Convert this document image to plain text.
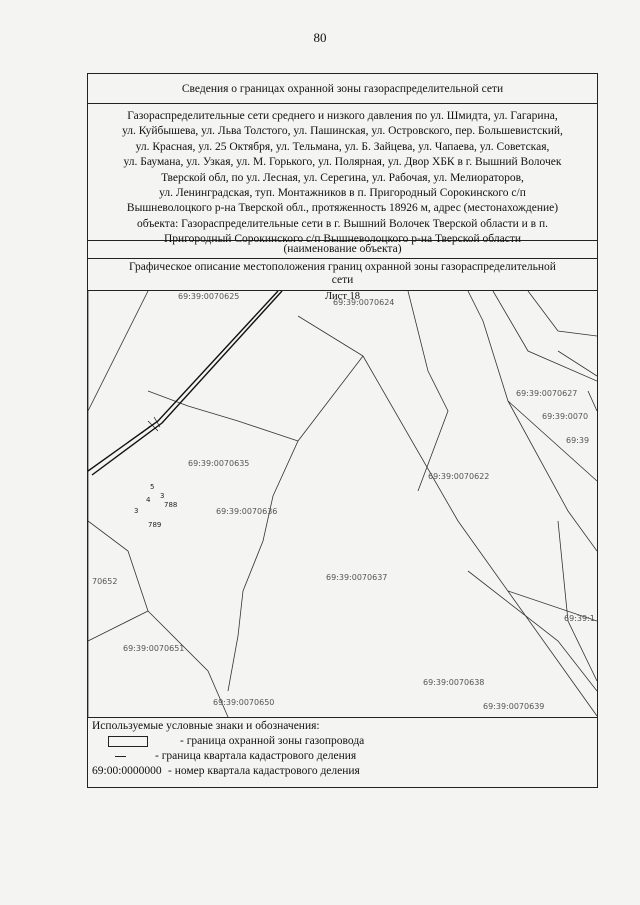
80
Сведения о границах охранной зоны газораспределительной сети
Газораспределительные сети среднего и низкого давления по ул. Шмидта, ул. Гагарина,
ул. Куйбышева, ул. Льва Толстого, ул. Пашинская, ул. Островского, пер. Большевистский,
ул. Красная, ул. 25 Октября, ул. Тельмана, ул. Б. Зайцева, ул. Чапаева, ул. Советская,
ул. Баумана, ул. Узкая, ул. М. Горького, ул. Полярная, ул. Двор ХБК в г. Вышний Волочек
Тверской обл, по ул. Лесная, ул. Серегина, ул. Рабочая, ул. Мелиораторов,
ул. Ленинградская, туп. Монтажников в п. Пригородный Сорокинского с/п
Вышневолоцкого р-на Тверской обл., протяженность 18926 м, адрес (местонахождение)
объекта: Газораспределительные сети в г. Вышний Волочек Тверской области и в п.
Пригородный Сорокинского с/п Вышневолоцкого р-на Тверской области
(наименование объекта)
Графическое описание местоположения границ охранной зоны газораспределительной
сети
69:39:0070625
69:39:0070624
69:39:0070627
69:39:0070
69:39
69:39:0070635
69:39:0070622
69:39:0070636
69:39:0070637
70652
69:39:1
69:39:0070651
69:39:0070638
69:39:0070650	69:39:0070639
5
4 3
788
789
3
Лист 18
Используемые условные знаки и обозначения:
- граница охранной зоны газопровода
- граница квартала кадастрового деления
69:00:0000000 - номер квартала кадастрового деления
